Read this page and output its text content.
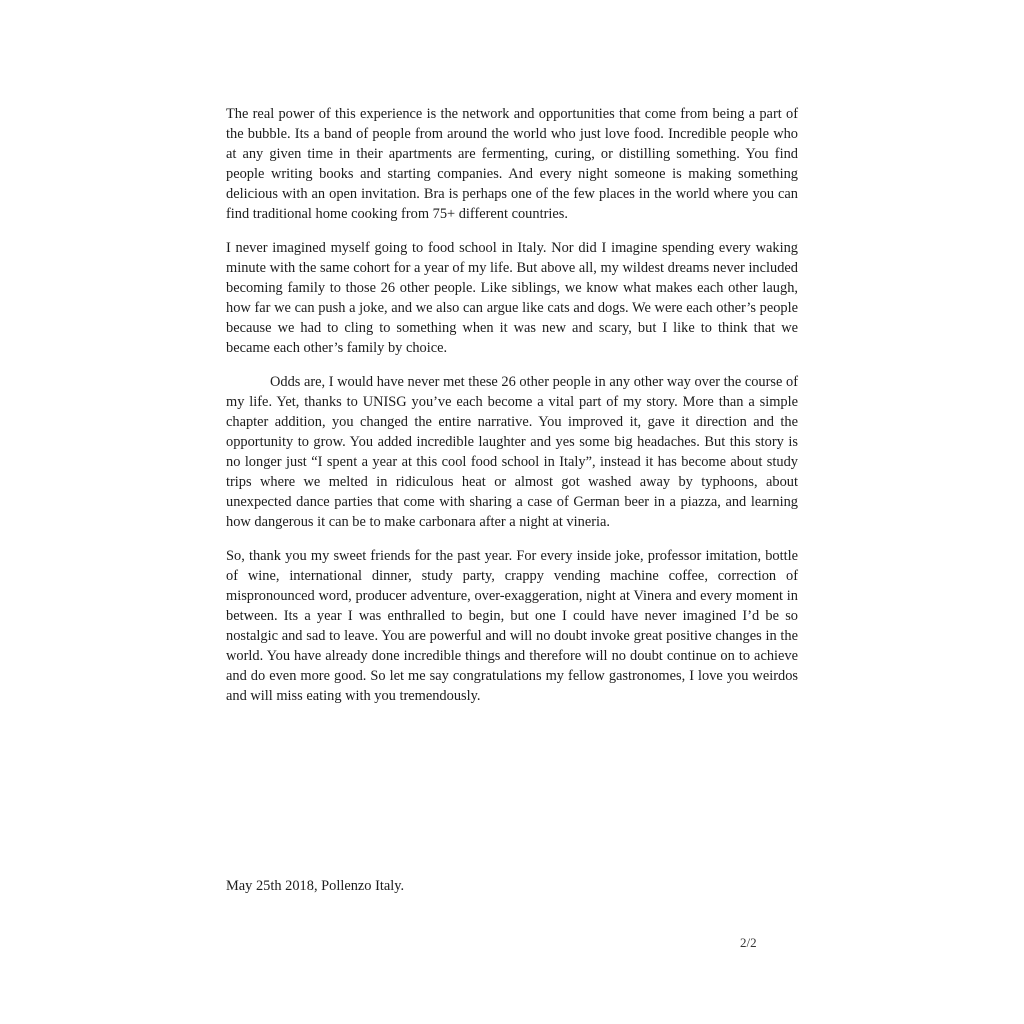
The real power of this experience is the network and opportunities that come from being a part of the bubble. Its a band of people from around the world who just love food. Incredible people who at any given time in their apartments are fermenting, curing, or distilling something. You find people writing books and starting companies. And every night someone is making something delicious with an open invitation. Bra is perhaps one of the few places in the world where you can find traditional home cooking from 75+ different countries.

I never imagined myself going to food school in Italy. Nor did I imagine spending every waking minute with the same cohort for a year of my life. But above all, my wildest dreams never included becoming family to those 26 other people. Like siblings, we know what makes each other laugh, how far we can push a joke, and we also can argue like cats and dogs. We were each other’s people because we had to cling to something when it was new and scary, but I like to think that we became each other’s family by choice.

Odds are, I would have never met these 26 other people in any other way over the course of my life. Yet, thanks to UNISG you’ve each become a vital part of my story. More than a simple chapter addition, you changed the entire narrative. You improved it, gave it direction and the opportunity to grow. You added incredible laughter and yes some big headaches. But this story is no longer just “I spent a year at this cool food school in Italy”, instead it has become about study trips where we melted in ridiculous heat or almost got washed away by typhoons, about unexpected dance parties that come with sharing a case of German beer in a piazza, and learning how dangerous it can be to make carbonara after a night at vineria.

So, thank you my sweet friends for the past year. For every inside joke, professor imitation, bottle of wine, international dinner, study party, crappy vending machine coffee, correction of mispronounced word, producer adventure, over-exaggeration, night at Vinera and every moment in between. Its a year I was enthralled to begin, but one I could have never imagined I’d be so nostalgic and sad to leave. You are powerful and will no doubt invoke great positive changes in the world. You have already done incredible things and therefore will no doubt continue on to achieve and do even more good. So let me say congratulations my fellow gastronomes, I love you weirdos and will miss eating with you tremendously.

May 25th 2018, Pollenzo Italy.

2/2
